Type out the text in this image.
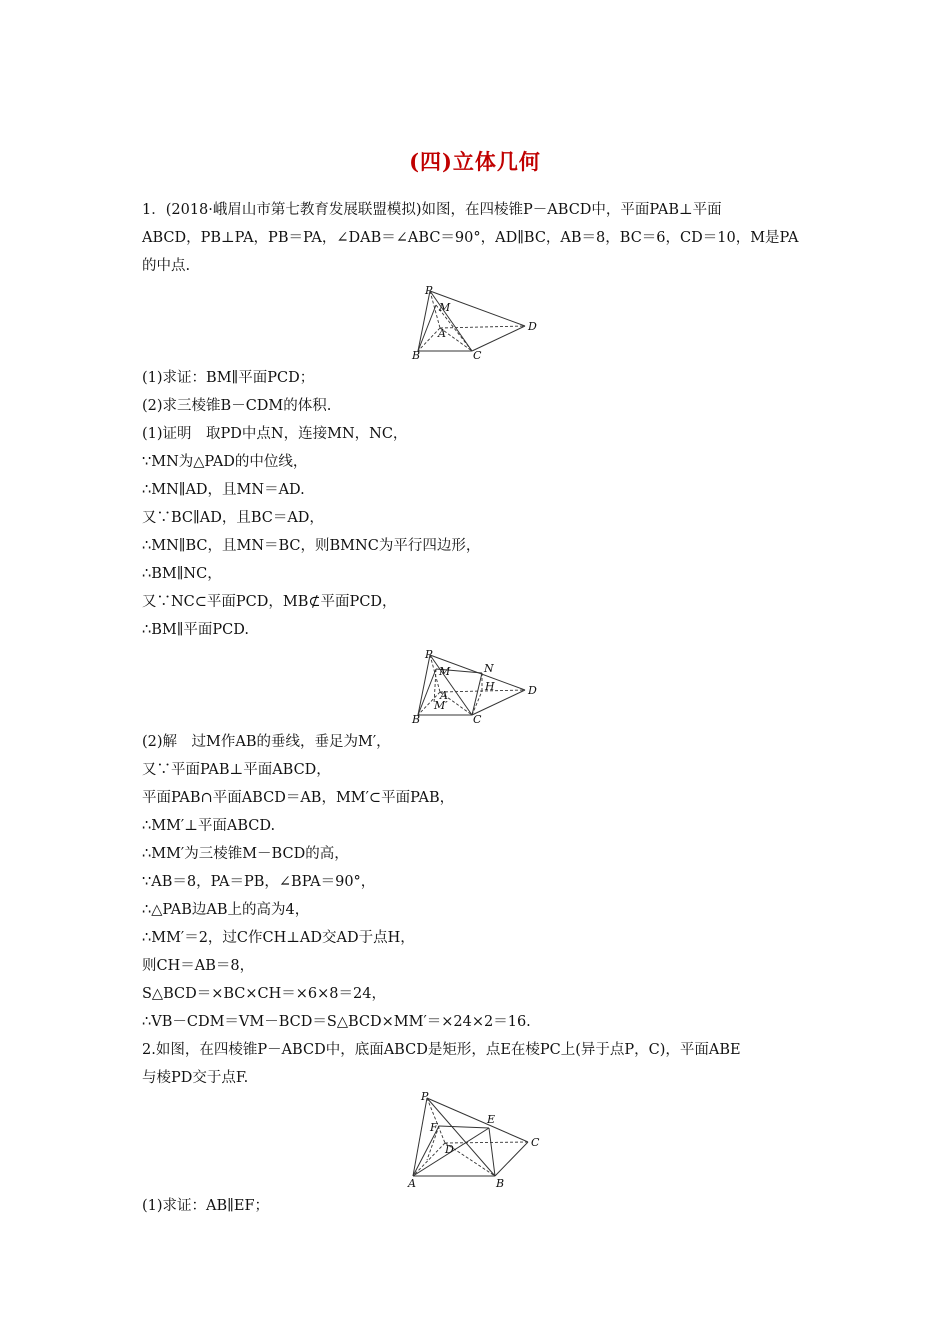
(四)立体几何
1．(2018·峨眉山市第七教育发展联盟模拟)如图，在四棱锥P－ABCD中，平面PAB⊥平面
ABCD，PB⊥PA，PB＝PA，∠DAB＝∠ABC＝90°，AD∥BC，AB＝8，BC＝6，CD＝10，M是PA
的中点.
P
M
A
B	C
D
(1)求证：BM∥平面PCD；
(2)求三棱锥B－CDM的体积.
(1)证明　取PD中点N，连接MN，NC，
∵MN为△PAD的中位线，
∴MN∥AD，且MN＝AD.
又∵BC∥AD，且BC＝AD，
∴MN∥BC，且MN＝BC，则BMNC为平行四边形，
∴BM∥NC，
又∵NC⊂平面PCD，MB⊄平面PCD，
∴BM∥平面PCD.
P
M	N
H
A
M′
B	C
D
(2)解　过M作AB的垂线，垂足为M′，
又∵平面PAB⊥平面ABCD，
平面PAB∩平面ABCD＝AB，MM′⊂平面PAB，
∴MM′⊥平面ABCD.
∴MM′为三棱锥M－BCD的高，
∵AB＝8，PA＝PB，∠BPA＝90°，
∴△PAB边AB上的高为4，
∴MM′＝2，过C作CH⊥AD交AD于点H，
则CH＝AB＝8，
S△BCD＝×BC×CH＝×6×8＝24，
∴VB－CDM＝VM－BCD＝S△BCD×MM′＝×24×2＝16.
2.如图，在四棱锥P－ABCD中，底面ABCD是矩形，点E在棱PC上(异于点P，C)，平面ABE
与棱PD交于点F.
P
E
F
D
C
A	B
(1)求证：AB∥EF；
